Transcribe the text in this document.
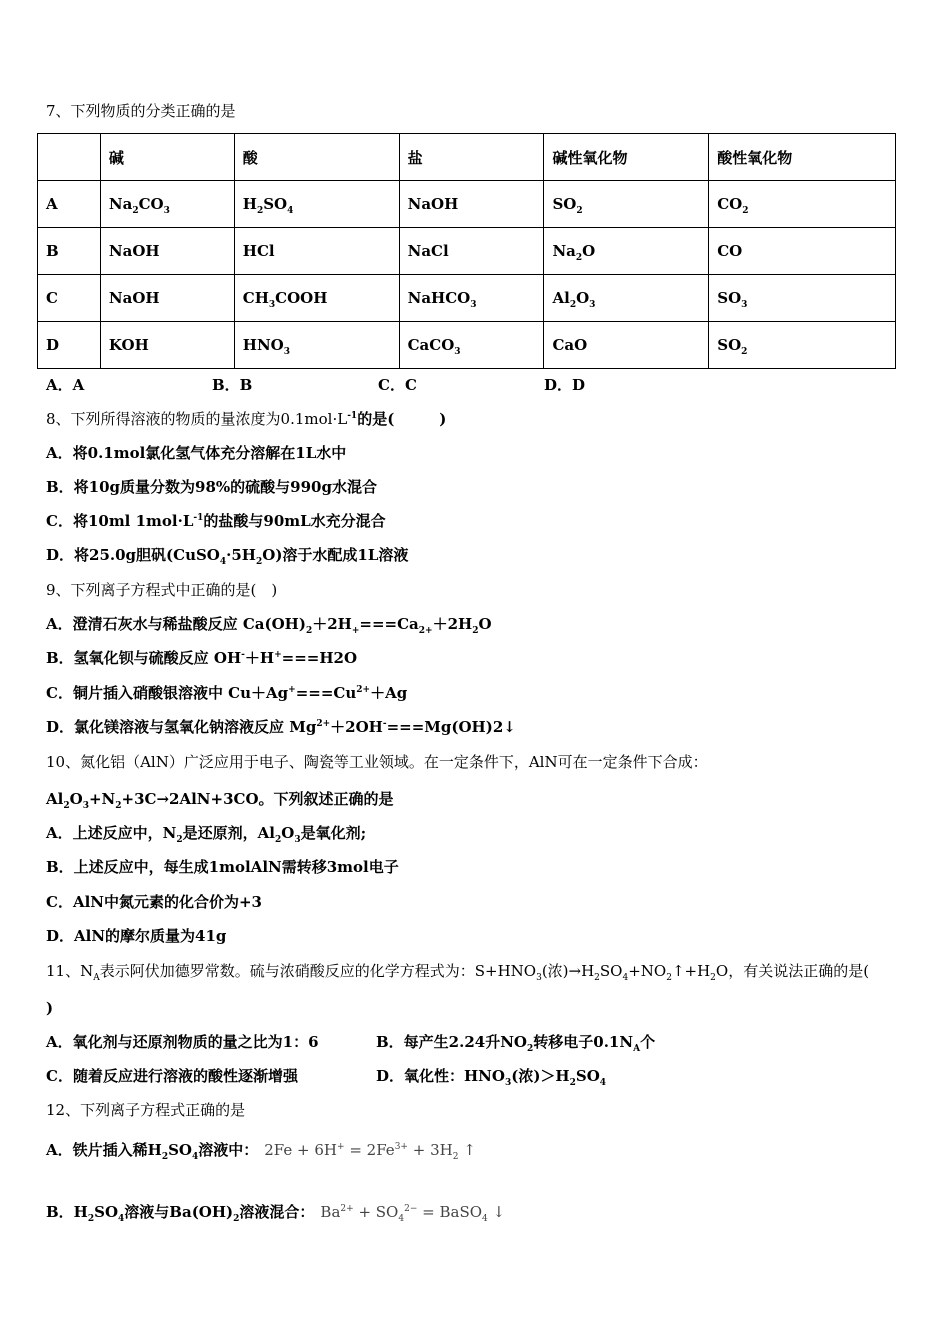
7、下列物质的分类正确的是
	碱	酸	盐	碱性氧化物	酸性氧化物
A	$Na_2CO_3$	$H_2SO_4$	NaOH	$SO_2$	$CO_2$
B	NaOH	HCl	NaCl	$Na_2O$	CO
C	NaOH	$CH_3COOH$	NaHCO$_3$	$Al_2O_3$	$SO_3$
D	KOH	$HNO_3$	CaCO$_3$	CaO	$SO_2$
A．A	B．B	C．C	D．D
8、下列所得溶液的物质的量浓度为$0.1mol\cdot L^{-1}$的是(　　　)
A．将0.1mol氯化氢气体充分溶解在1L水中
B．将10g质量分数为98%的硫酸与990g水混合
C．将10ml $1mol\cdot L^{-1}$的盐酸与90mL水充分混合
D．将25.0g胆矾$(CuSO_4\cdot 5H_2O)$溶于水配成1L溶液
9、下列离子方程式中正确的是(　)
A．澄清石灰水与稀盐酸反应 $Ca(OH)_2+2H_+===Ca_{2+}+2H_2O$
B．氢氧化钡与硫酸反应 OH-＋H+===H2O
C．铜片插入硝酸银溶液中 $Cu+Ag^+===Cu^{2+}+Ag$
D．氯化镁溶液与氢氧化钠溶液反应 $Mg^{2+}+2OH^-===Mg(OH)2↓$
10、氮化铝（AlN）广泛应用于电子、陶瓷等工业领域。在一定条件下，AlN可在一定条件下合成：
$Al_2O_3+N_2+3C\to 2AlN+3CO$。下列叙述正确的是
A．上述反应中，$N_2$是还原剂，$Al_2O_3$是氧化剂;
B．上述反应中，每生成1molAlN需转移3mol电子
C．AlN中氮元素的化合价为+3
D．AlN的摩尔质量为41g
11、$N_A$表示阿伏加德罗常数。硫与浓硝酸反应的化学方程式为：$S+HNO_3$(浓)$\to H_2SO_4+NO_2↑+H_2O$，有关说法正确的是(
)
A．氧化剂与还原剂物质的量之比为1：6	B．每产生2.24升$NO_2$转移电子$0.1N_A$个
C．随着反应进行溶液的酸性逐渐增强	D．氧化性：$HNO_3$(浓)$>H_2SO_4$
12、下列离子方程式正确的是
A．铁片插入稀$H_2SO_4$溶液中： $2Fe + 6H^+ = 2Fe^{3+} + 3H_2$ ↑
B．$H_2SO_4$溶液与$Ba(OH)_2$溶液混合： $Ba^{2+} + SO_4^{2-}$ = BaSO$_4$ ↓
